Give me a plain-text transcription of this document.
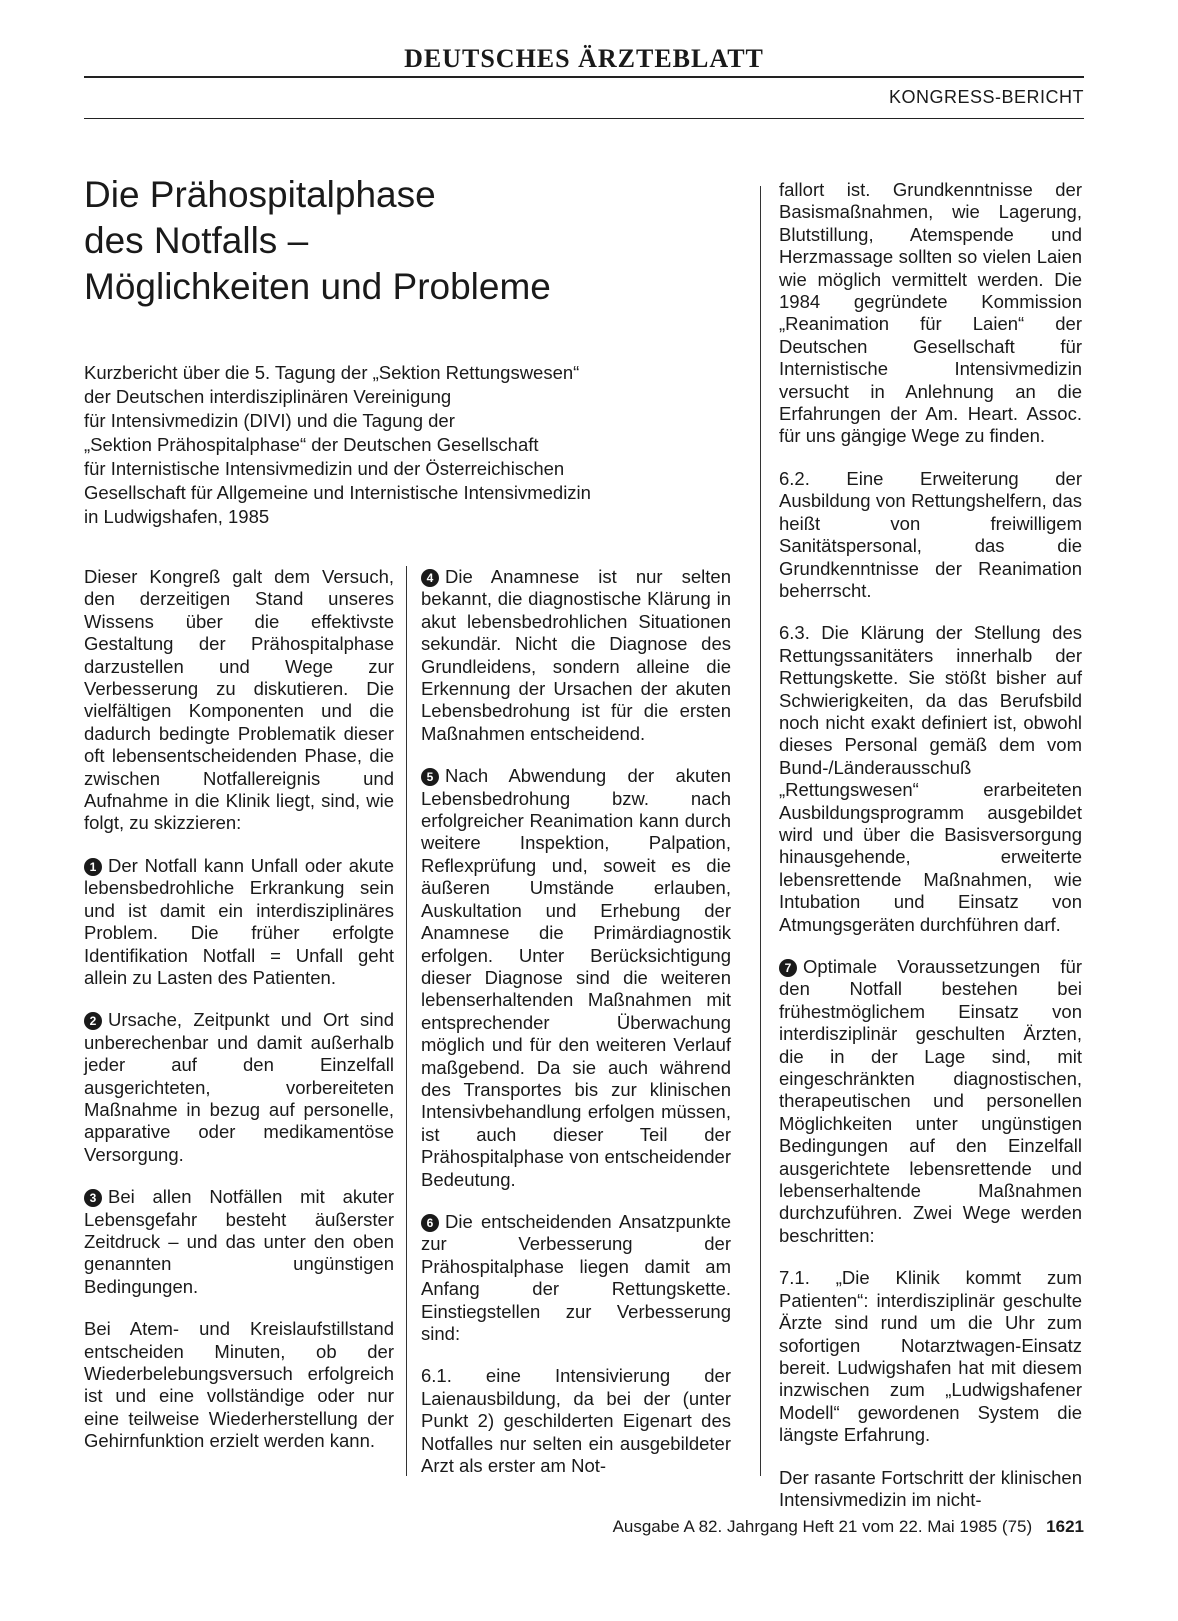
DEUTSCHES ÄRZTEBLATT
KONGRESS-BERICHT
Die Prähospitalphase
des Notfalls –
Möglichkeiten und Probleme
Kurzbericht über die 5. Tagung der „Sektion Rettungswesen“
der Deutschen interdisziplinären Vereinigung
für Intensivmedizin (DIVI) und die Tagung der
„Sektion Prähospitalphase“ der Deutschen Gesellschaft
für Internistische Intensivmedizin und der Österreichischen
Gesellschaft für Allgemeine und Internistische Intensivmedizin
in Ludwigshafen, 1985

Dieser Kongreß galt dem Versuch, den derzeitigen Stand unseres Wissens über die effektivste Gestaltung der Prähospitalphase darzustellen und Wege zur Verbesserung zu diskutieren. Die vielfältigen Komponenten und die dadurch bedingte Problematik dieser oft lebensentscheidenden Phase, die zwischen Notfallereignis und Aufnahme in die Klinik liegt, sind, wie folgt, zu skizzieren:

1 Der Notfall kann Unfall oder akute lebensbedrohliche Erkrankung sein und ist damit ein interdisziplinäres Problem. Die früher erfolgte Identifikation Notfall = Unfall geht allein zu Lasten des Patienten.

2 Ursache, Zeitpunkt und Ort sind unberechenbar und damit außerhalb jeder auf den Einzelfall ausgerichteten, vorbereiteten Maßnahme in bezug auf personelle, apparative oder medikamentöse Versorgung.

3 Bei allen Notfällen mit akuter Lebensgefahr besteht äußerster Zeitdruck – und das unter den oben genannten ungünstigen Bedingungen.

Bei Atem- und Kreislaufstillstand entscheiden Minuten, ob der Wiederbelebungsversuch erfolgreich ist und eine vollständige oder nur eine teilweise Wiederherstellung der Gehirnfunktion erzielt werden kann.

4 Die Anamnese ist nur selten bekannt, die diagnostische Klärung in akut lebensbedrohlichen Situationen sekundär. Nicht die Diagnose des Grundleidens, sondern alleine die Erkennung der Ursachen der akuten Lebensbedrohung ist für die ersten Maßnahmen entscheidend.

5 Nach Abwendung der akuten Lebensbedrohung bzw. nach erfolgreicher Reanimation kann durch weitere Inspektion, Palpation, Reflexprüfung und, soweit es die äußeren Umstände erlauben, Auskultation und Erhebung der Anamnese die Primärdiagnostik erfolgen. Unter Berücksichtigung dieser Diagnose sind die weiteren lebenserhaltenden Maßnahmen mit entsprechender Überwachung möglich und für den weiteren Verlauf maßgebend. Da sie auch während des Transportes bis zur klinischen Intensivbehandlung erfolgen müssen, ist auch dieser Teil der Prähospitalphase von entscheidender Bedeutung.

6 Die entscheidenden Ansatzpunkte zur Verbesserung der Prähospitalphase liegen damit am Anfang der Rettungskette. Einstiegstellen zur Verbesserung sind:

6.1. eine Intensivierung der Laienausbildung, da bei der (unter Punkt 2) geschilderten Eigenart des Notfalles nur selten ein ausgebildeter Arzt als erster am Not-

fallort ist. Grundkenntnisse der Basismaßnahmen, wie Lagerung, Blutstillung, Atemspende und Herzmassage sollten so vielen Laien wie möglich vermittelt werden. Die 1984 gegründete Kommission „Reanimation für Laien“ der Deutschen Gesellschaft für Internistische Intensivmedizin versucht in Anlehnung an die Erfahrungen der Am. Heart. Assoc. für uns gängige Wege zu finden.

6.2. Eine Erweiterung der Ausbildung von Rettungshelfern, das heißt von freiwilligem Sanitätspersonal, das die Grundkenntnisse der Reanimation beherrscht.

6.3. Die Klärung der Stellung des Rettungssanitäters innerhalb der Rettungskette. Sie stößt bisher auf Schwierigkeiten, da das Berufsbild noch nicht exakt definiert ist, obwohl dieses Personal gemäß dem vom Bund-/Länderausschuß „Rettungswesen“ erarbeiteten Ausbildungsprogramm ausgebildet wird und über die Basisversorgung hinausgehende, erweiterte lebensrettende Maßnahmen, wie Intubation und Einsatz von Atmungsgeräten durchführen darf.

7 Optimale Voraussetzungen für den Notfall bestehen bei frühestmöglichem Einsatz von interdisziplinär geschulten Ärzten, die in der Lage sind, mit eingeschränkten diagnostischen, therapeutischen und personellen Möglichkeiten unter ungünstigen Bedingungen auf den Einzelfall ausgerichtete lebensrettende und lebenserhaltende Maßnahmen durchzuführen. Zwei Wege werden beschritten:

7.1. „Die Klinik kommt zum Patienten“: interdisziplinär geschulte Ärzte sind rund um die Uhr zum sofortigen Notarztwagen-Einsatz bereit. Ludwigshafen hat mit diesem inzwischen zum „Ludwigshafener Modell“ gewordenen System die längste Erfahrung.

Der rasante Fortschritt der klinischen Intensivmedizin im nicht-

Ausgabe A 82. Jahrgang Heft 21 vom 22. Mai 1985 (75) 1621
